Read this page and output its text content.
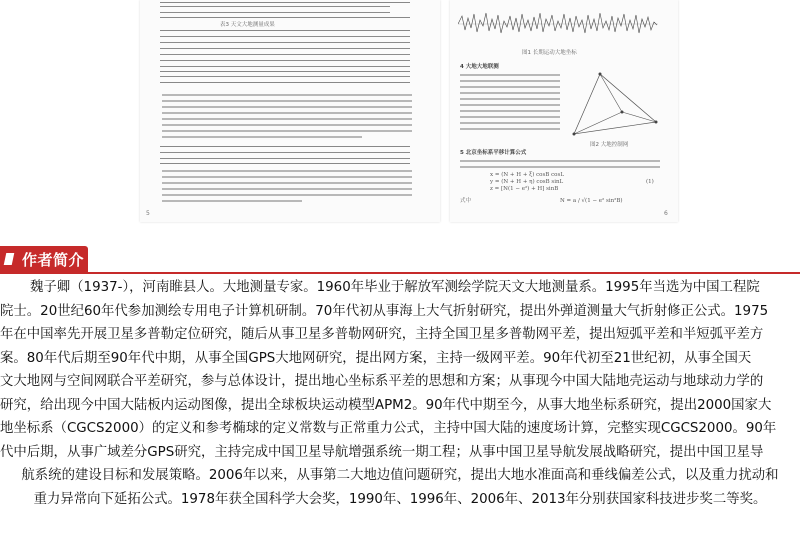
表3 天文大地测量成果
5
图1 长期运动大地坐标
4 大地大地联测
图2 大地控制网
5 北京坐标系平移计算公式
x = (N + H + ξ) cosB cosL
y = (N + H + η) cosB sinL
z = [N(1 − e²) + H] sinB
(1)
式中	N = a / √(1 − e² sin²B)
6
作者简介
魏子卿（1937-），河南睢县人。大地测量专家。1960年毕业于解放军测绘学院天文大地测量系。1995年当选为中国工程院
院士。20世纪60年代参加测绘专用电子计算机研制。70年代初从事海上大气折射研究，提出外弹道测量大气折射修正公式。1975
年在中国率先开展卫星多普勒定位研究，随后从事卫星多普勒网研究，主持全国卫星多普勒网平差，提出短弧平差和半短弧平差方
案。80年代后期至90年代中期，从事全国GPS大地网研究，提出网方案，主持一级网平差。90年代初至21世纪初，从事全国天
文大地网与空间网联合平差研究，参与总体设计，提出地心坐标系平差的思想和方案；从事现今中国大陆地壳运动与地球动力学的
研究，给出现今中国大陆板内运动图像，提出全球板块运动模型APM2。90年代中期至今，从事大地坐标系研究，提出2000国家大
地坐标系（CGCS2000）的定义和参考椭球的定义常数与正常重力公式，主持中国大陆的速度场计算，完整实现CGCS2000。90年
代中后期，从事广域差分GPS研究，主持完成中国卫星导航增强系统一期工程；从事中国卫星导航发展战略研究，提出中国卫星导
航系统的建设目标和发展策略。2006年以来，从事第二大地边值问题研究，提出大地水准面高和垂线偏差公式，以及重力扰动和
重力异常向下延拓公式。1978年获全国科学大会奖，1990年、1996年、2006年、2013年分别获国家科技进步奖二等奖。
